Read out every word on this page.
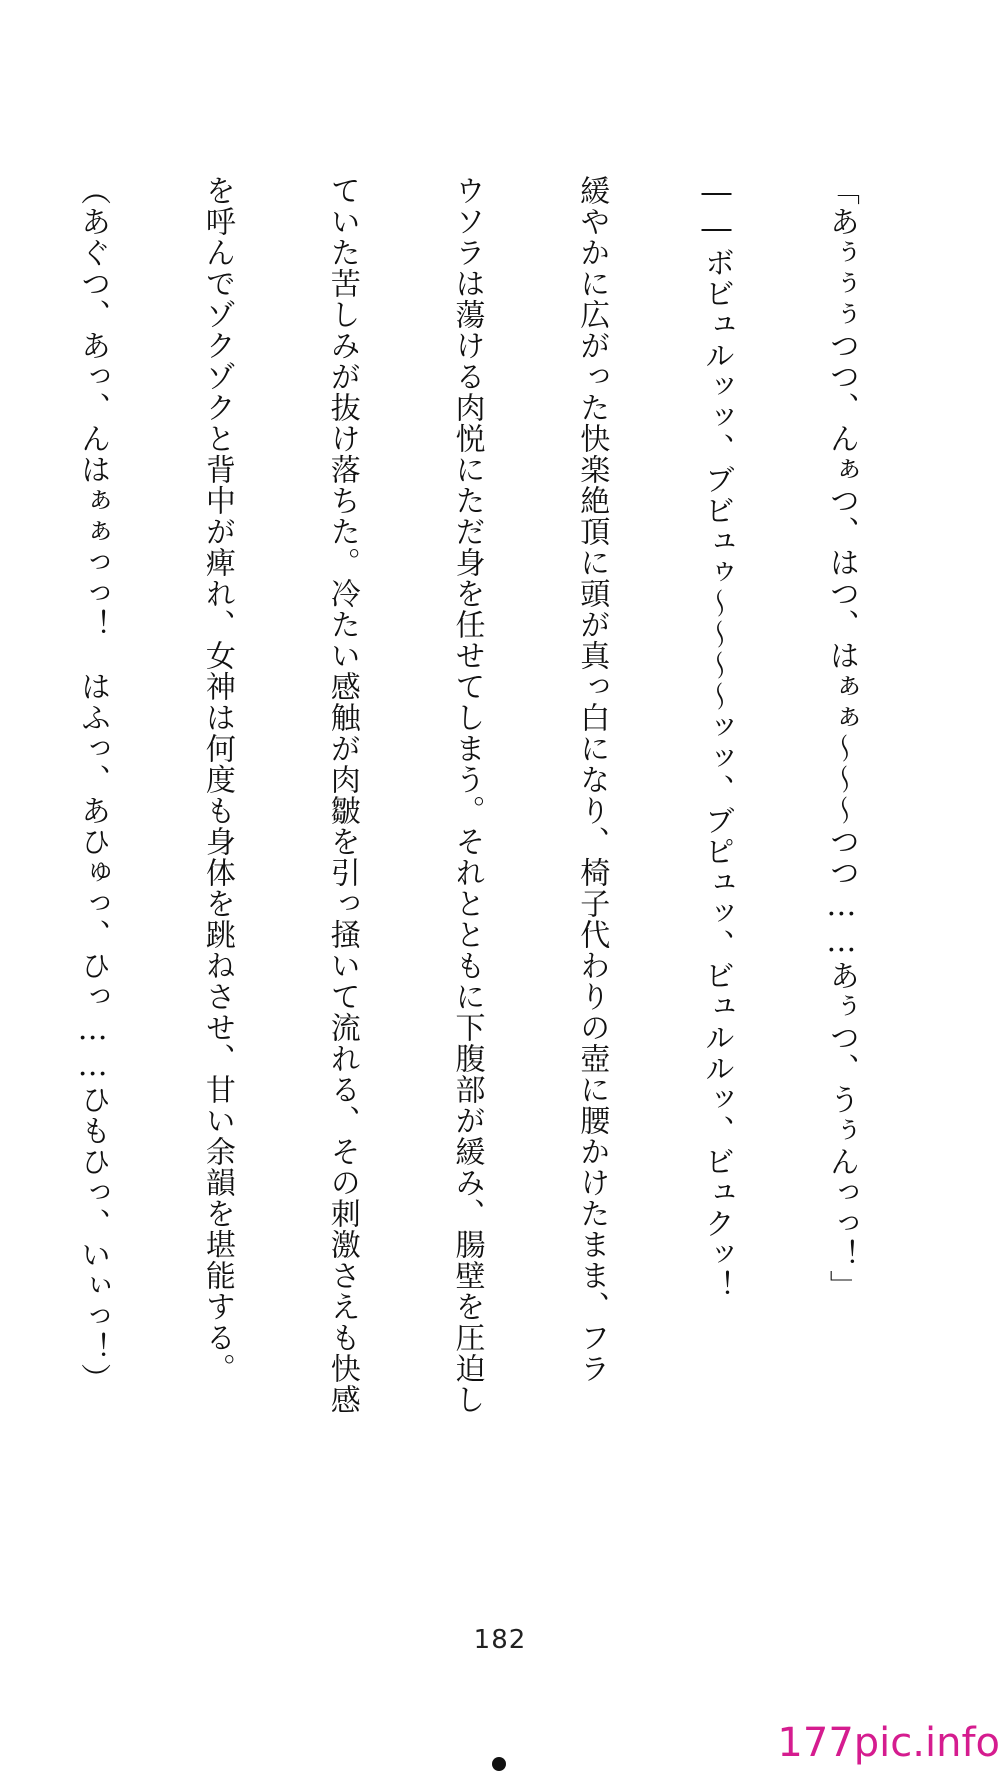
「あぅぅぅつつ、んぁつ、はつ、はぁぁ～～～つつ……あぅつ、うぅんっっ！」

――ボビュルッッ、ブビュゥ～～～～ッッ、ブピュッ、ビュルルッ、ビュクッ！

緩やかに広がった快楽絶頂に頭が真っ白になり、椅子代わりの壺に腰かけたまま、フラ

ウソラは蕩ける肉悦にただ身を任せてしまう。それとともに下腹部が緩み、腸壁を圧迫し

ていた苦しみが抜け落ちた。冷たい感触が肉皺を引っ掻いて流れる、その刺激さえも快感

を呼んでゾクゾクと背中が痺れ、女神は何度も身体を跳ねさせ、甘い余韻を堪能する。

（あぐつ、あっ、んはぁぁっっ！　はふっ、あひゅっ、ひっ……ひもひっ、いぃっ！）

182
177pic.info
